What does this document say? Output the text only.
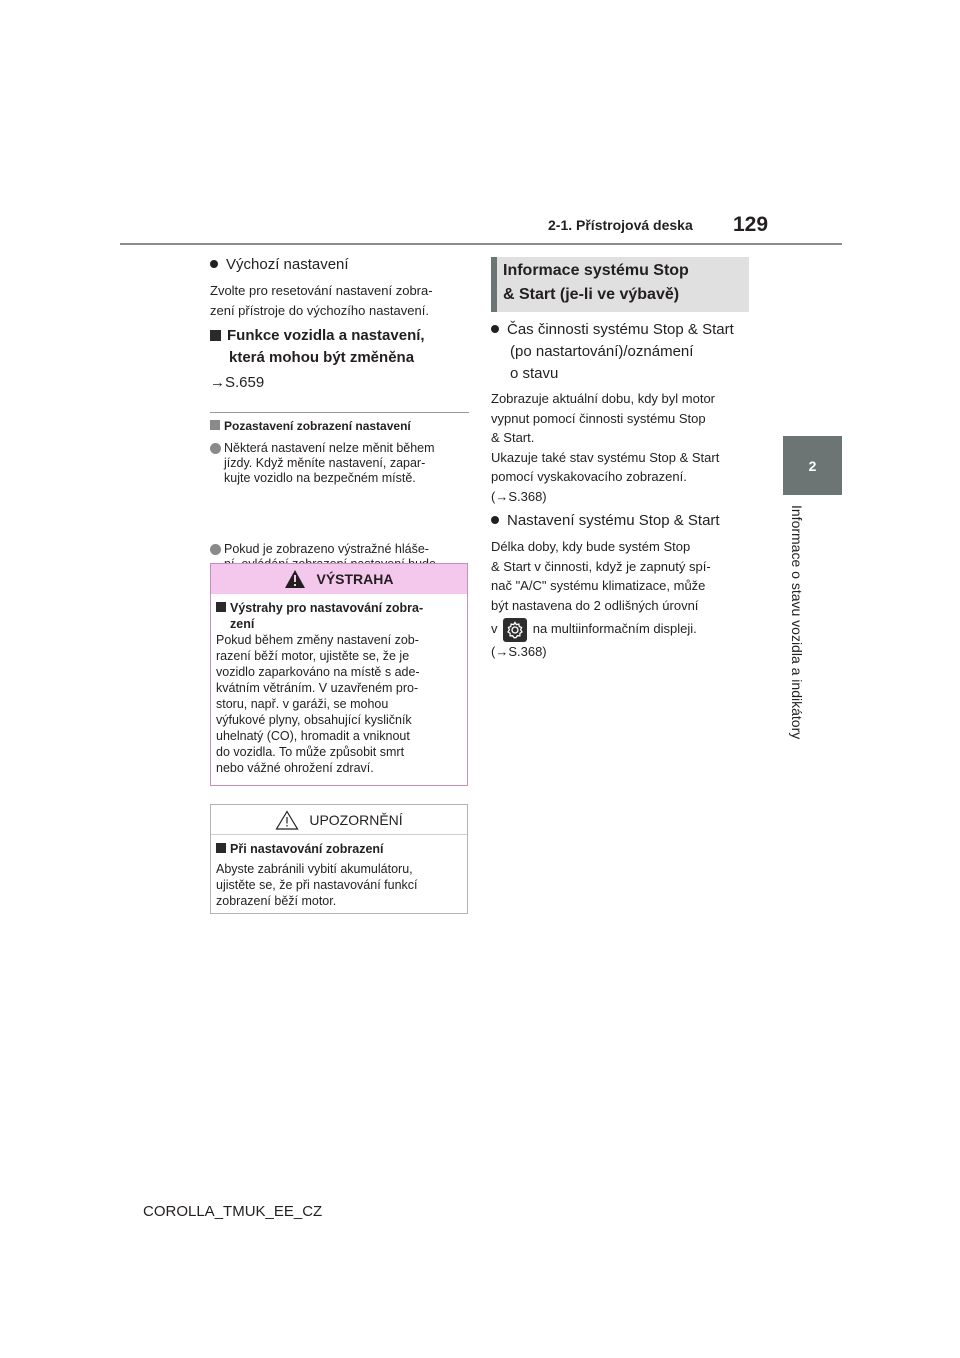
2-1. Přístrojová deska 129
2
Informace o stavu vozidla a indikátory
Výchozí nastavení
Zvolte pro resetování nastavení zobra-
zení přístroje do výchozího nastavení.
Funkce vozidla a nastavení,
která mohou být změněna
→S.659
Pozastavení zobrazení nastavení
Některá nastavení nelze měnit během
jízdy. Když měníte nastavení, zapar-
kujte vozidlo na bezpečném místě.
Pokud je zobrazeno výstražné hláše-
VÝSTRAHA
Výstrahy pro nastavování zobra-
zení
Pokud během změny nastavení zob-
razení běží motor, ujistěte se, že je
vozidlo zaparkováno na místě s ade-
kvátním větráním. V uzavřeném pro-
storu, např. v garáži, se mohou
výfukové plyny, obsahující kysličník
uhelnatý (CO), hromadit a vniknout
do vozidla. To může způsobit smrt
nebo vážné ohrožení zdraví.
UPOZORNĚNÍ
Při nastavování zobrazení
Abyste zabránili vybití akumulátoru,
ujistěte se, že při nastavování funkcí
zobrazení běží motor.
Informace systému Stop
& Start (je-li ve výbavě)
Čas činnosti systému Stop & Start
(po nastartování)/oznámení
o stavu
Zobrazuje aktuální dobu, kdy byl motor
vypnut pomocí činnosti systému Stop
& Start.
Ukazuje také stav systému Stop & Start
pomocí vyskakovacího zobrazení.
(→S.368)
Nastavení systému Stop & Start
Délka doby, kdy bude systém Stop
& Start v činnosti, když je zapnutý spí-
nač "A/C" systému klimatizace, může
být nastavena do 2 odlišných úrovní
v	na multiinformačním displeji.
(→S.368)
COROLLA_TMUK_EE_CZ
